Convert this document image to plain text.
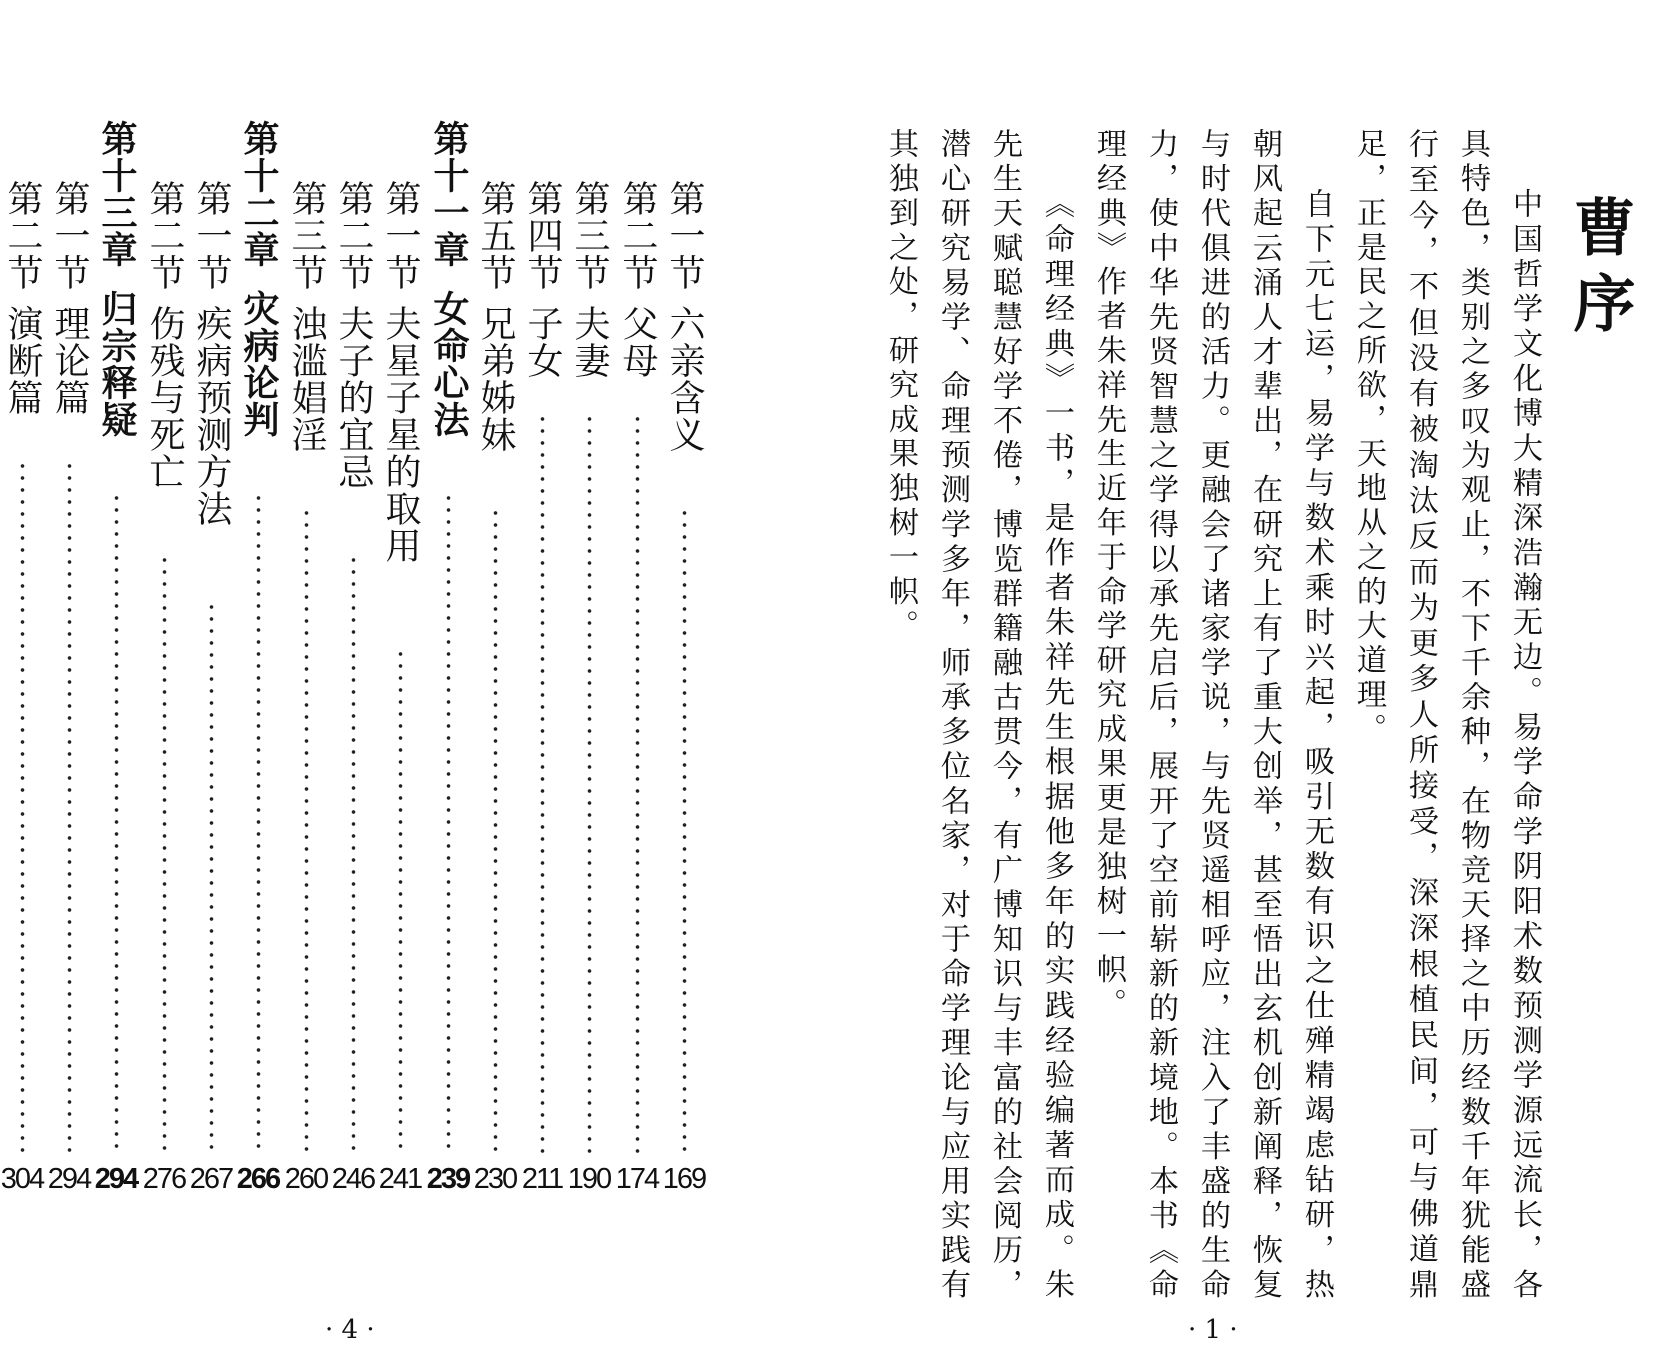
第一节
六亲含义
169
第二节
父母
174
第三节
夫妻
190
第四节
子女
211
第五节
兄弟姊妹
230
第十一章
女命心法
239
第一节
夫星子星的取用
241
第二节
夫子的宜忌
246
第三节
浊滥娼淫
260
第十二章
灾病论判
266
第一节
疾病预测方法
267
第二节
伤残与死亡
276
第十三章
归宗释疑
294
第一节
理论篇
294
第二节
演断篇
304
· 4 ·
曹序

中国哲学文化博大精深浩瀚无边。易学命学阴阳术数预测学源远流长，各具特色，类别之多叹为观止，不下千余种，在物竞天择之中历经数千年犹能盛行至今，不但没有被淘汰反而为更多人所接受，深深根植民间，可与佛道鼎足，正是民之所欲，天地从之的大道理。

自下元七运，易学与数术乘时兴起，吸引无数有识之仕殚精竭虑钻研，热朝风起云涌人才辈出，在研究上有了重大创举，甚至悟出玄机创新阐释，恢复与时代俱进的活力。更融会了诸家学说，与先贤遥相呼应，注入了丰盛的生命力，使中华先贤智慧之学得以承先启后，展开了空前崭新的新境地。本书《命理经典》作者朱祥先生近年于命学研究成果更是独树一帜。

《命理经典》一书，是作者朱祥先生根据他多年的实践经验编著而成。朱先生天赋聪慧好学不倦，博览群籍融古贯今，有广博知识与丰富的社会阅历，潜心研究易学、命理预测学多年，师承多位名家，对于命学理论与应用实践有其独到之处，研究成果独树一帜。

· 1 ·
